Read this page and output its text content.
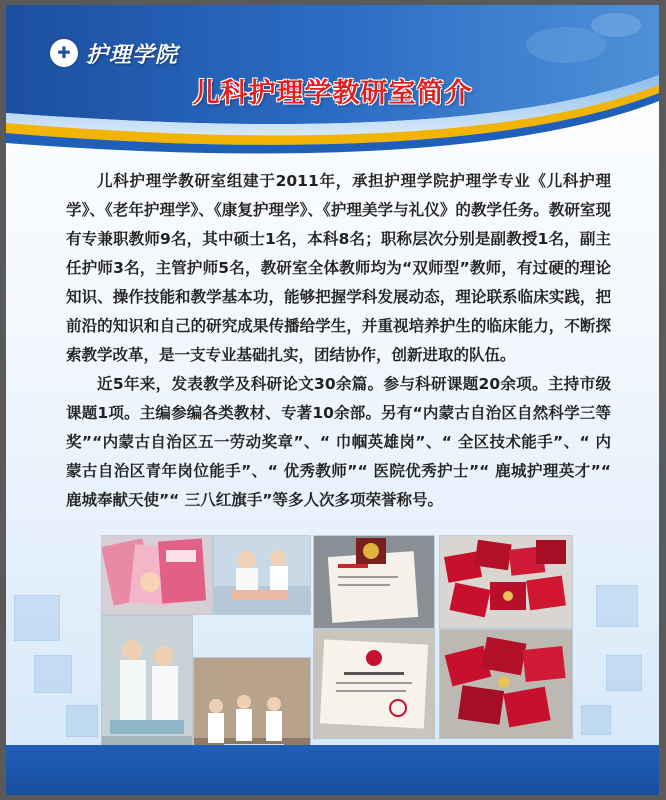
✚ 护理学院
儿科护理学教研室简介

儿科护理学教研室组建于2011年，承担护理学院护理学专业《儿科护理学》、《老年护理学》、《康复护理学》、《护理美学与礼仪》的教学任务。教研室现有专兼职教师9名，其中硕士1名，本科8名；职称层次分别是副教授1名，副主任护师3名，主管护师5名，教研室全体教师均为“双师型”教师，有过硬的理论知识、操作技能和教学基本功，能够把握学科发展动态，理论联系临床实践，把前沿的知识和自己的研究成果传播给学生，并重视培养护生的临床能力，不断探索教学改革，是一支专业基础扎实，团结协作，创新进取的队伍。

近5年来，发表教学及科研论文30余篇。参与科研课题20余项。主持市级课题1项。主编参编各类教材、专著10余部。另有“内蒙古自治区自然科学三等奖”“内蒙古自治区五一劳动奖章”、“ 巾帼英雄岗”、“ 全区技术能手”、“ 内蒙古自治区青年岗位能手”、“ 优秀教师”“ 医院优秀护士”“ 鹿城护理英才”“ 鹿城奉献天使”“ 三八红旗手”等多人次多项荣誉称号。
